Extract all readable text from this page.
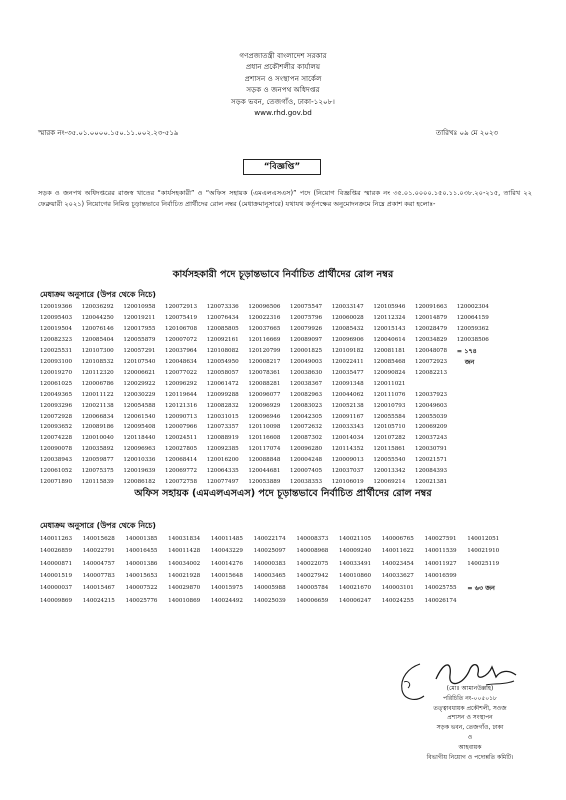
গণপ্রজাতন্ত্রী বাংলাদেশ সরকার
প্রধান প্রকৌশলীর কার্যালয়
প্রশাসন ও সংস্থাপন সার্কেল
সড়ক ও জনপথ অধিদপ্তর
সড়ক ভবন, তেজগাঁও, ঢাকা-১২০৮।
www.rhd.gov.bd
স্মারক নং-৩৫.০১.০০০০.১৫০.১১.০০২.২৩-৫১৯	তারিখঃ ০৯ মে ২০২৩
“বিজ্ঞপ্তি”
সড়ক ও জনপথ অধিদপ্তরের রাজস্ব খাতের “কার্যসহকারী” ও “অফিস সহায়ক (এমএলএসএস)” পদে (নিয়োগ বিজ্ঞপ্তির স্মারক নং ৩৫.০১.০০০০.১৫০.১১.০৩৮.২০-২১৫, তারিখ ২২ ফেব্রুয়ারী ২০২১) নিয়োগের নিমিত্ত চূড়ান্তভাবে নির্বাচিত প্রার্থীদের রোল নম্বর (মেধাক্রমানুসারে) যথাযথ কর্তৃপক্ষের অনুমোদনক্রমে নিম্নে প্রকাশ করা হলোঃ-
কার্যসহকারী পদে চূড়ান্তভাবে নির্বাচিত প্রার্থীদের রোল নম্বর
মেধাক্রম অনুসারে (উপর থেকে নিচে)										
120019366	120036292	120010958	120072913	120073336	120096506	120075547	120033147	120105946	120091663	120002304
120095403	120044250	120019211	120075419	120076434	120022316	120075796	120060028	120112324	120014879	120064159
120019504	120076146	120017955	120106708	120085805	120037665	120079926	120085432	120015143	120028479	120059362
120082323	120085404	120055879	120007072	120092161	120116669	120089097	120096906	120040614	120034829	120038506
120025531	120107300	120057291	120037964	120108082	120120799	120001825	120109182	120081181	120048078	= ১৭৪
120093100	120108532	120107540	120048634	120054950	120008217	120049003	120022411	120085468	120072923	জন
120019270	120112320	120006621	120077022	120058057	120078361	120038630	120035477	120090824	120082213	
120061025	120006786	120029922	120096292	120061472	120088281	120038367	120091348	120011021		
120049365	120011122	120030229	120119644	120099288	120096077	120082963	120044062	120111076	120037923	
120093296	120021138	120054588	120121316	120082832	120096929	120083023	120052138	120010793	120049603	
120072928	120066834	120061540	120090713	120031015	120096946	120042305	120091167	120055584	120055039	
120093652	120089186	120095408	120007966	120073357	120110098	120072632	120033343	120105710	120069209	
120074228	120010040	120118440	120024511	120088919	120116608	120087302	120014034	120107282	120037243	
120090078	120035892	120096963	120027805	120092385	120117074	120096280	120114352	120115861	120030791	
120038943	120059877	120010336	120068414	120016200	120088848	120004248	120009013	120055540	120021571	
120061052	120075375	120019639	120069772	120064335	120044681	120007405	120037037	120013342	120084393	
120071890	120115839	120086182	120072758	120077497	120053889	120038353	120106019	120069214	120021381	
অফিস সহায়ক (এমএলএসএস) পদে চূড়ান্তভাবে নির্বাচিত প্রার্থীদের রোল নম্বর
মেধাক্রম অনুসারে (উপর থেকে নিচে)										
140011263	140015628	140001385	140031834	140011485	140022174	140008373	140021105	140006765	140027591	140012051
140026859	140022791	140016455	140011428	140043229	140025097	140008968	140009240	140011622	140011539	140021910
140000871	140004757	140001386	140034002	140014276	140000383	140022075	140033491	140023454	140011927	140025119
140001519	140007783	140015653	140021928	140015648	140003465	140027942	140010860	140033627	140016599	
140000037	140015467	140007522	140029870	140015975	140005988	140005784	140021670	140003101	140025755	= ৬৩ জন
140009869	140024215	140025776	140010869	140024492	140025039	140006659	140006247	140024255	140026174	
(মোঃ আমানউল্লাহ)
পরিচিতি নং-০০৫০১৮
তত্ত্বাবধায়ক প্রকৌশলী, সওজ
প্রশাসন ও সংস্থাপন
সড়ক ভবন, তেজগাঁও, ঢাকা
ও
আহবায়ক
বিভাগীয় নিয়োগ ও পদোন্নতি কমিটি।
